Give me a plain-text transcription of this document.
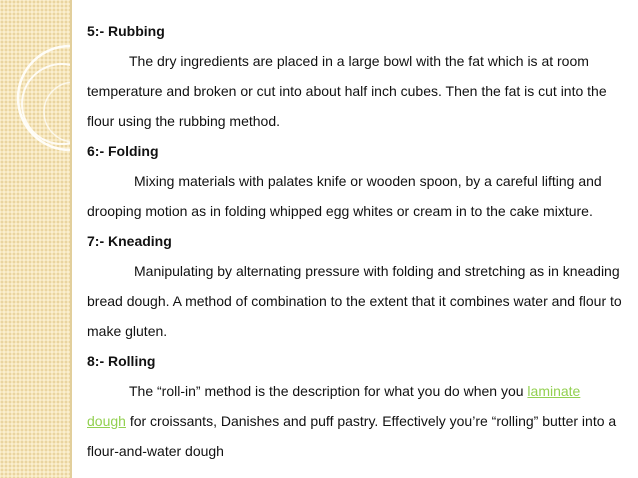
5:- Rubbing

The dry ingredients are placed in a large bowl with the fat which is at room temperature and broken or cut into about half inch cubes. Then the fat is cut into the flour using the rubbing method.

6:- Folding

Mixing materials with palates knife or wooden spoon, by a careful lifting and drooping motion as in folding whipped egg whites or cream in to the cake mixture.

7:- Kneading

Manipulating by alternating pressure with folding and stretching as in kneading bread dough. A method of combination to the extent that it combines water and flour to make gluten.

8:- Rolling

The “roll-in” method is the description for what you do when you laminate dough for croissants, Danishes and puff pastry. Effectively you’re “rolling” butter into a flour-and-water dough
